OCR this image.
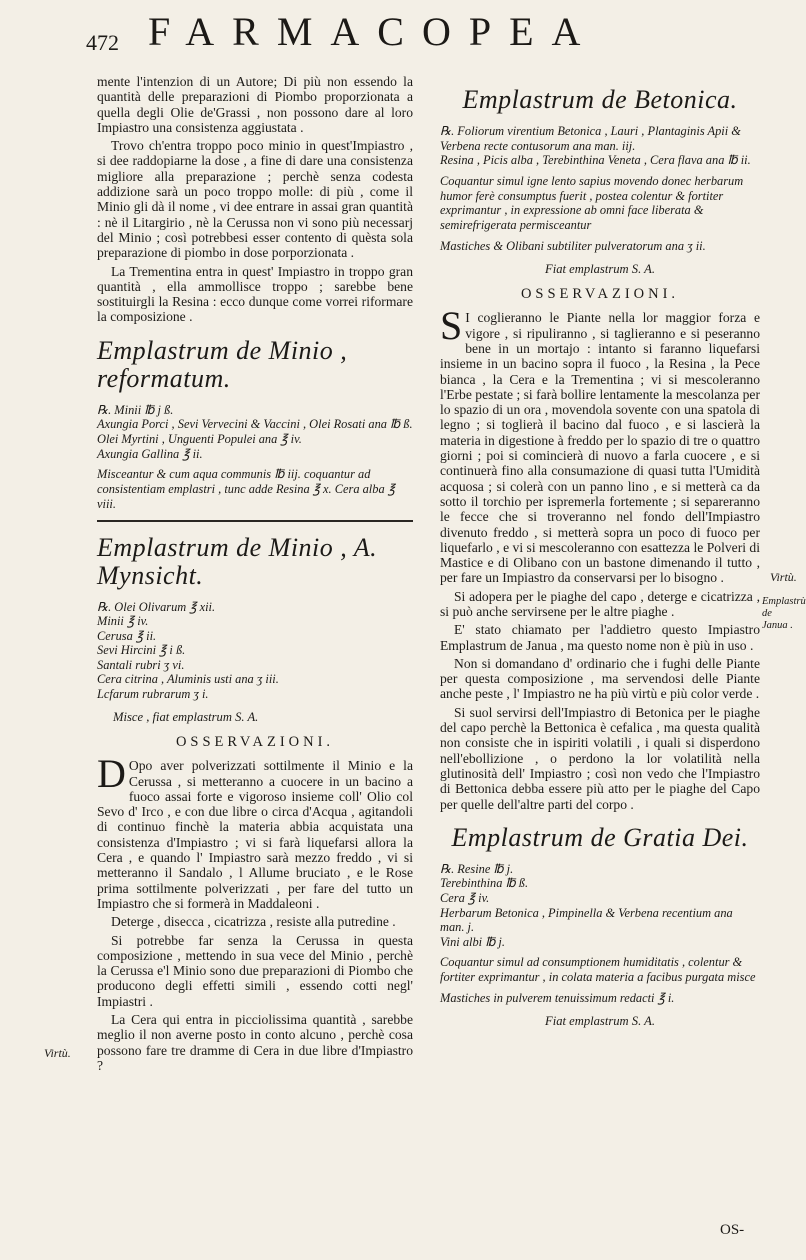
472 FARMACOPEA

mente l'intenzion di un Autore; Di più non essendo la quantità delle preparazioni di Piombo proporzionata a quella degli Olie de'Grassi , non possono dare al loro Impiastro una consistenza aggiustata .

Trovo ch'entra troppo poco minio in quest'Impiastro , si dee raddopiarne la dose , a fine di dare una consistenza migliore alla preparazione ; perchè senza codesta addizione sarà un poco troppo molle: di più , come il Minio gli dà il nome , vi dee entrare in assai gran quantità : nè il Litargirio , nè la Cerussa non vi sono più necessarj del Minio ; così potrebbesi esser contento di quèsta sola preparazione di piombo in dose porporzionata .

La Trementina entra in quest' Impiastro in troppo gran quantità , ella ammollisce troppo ; sarebbe bene sostituirgli la Resina : ecco dunque come vorrei riformare la composizione .

Emplastrum de Minio , reformatum.
℞. Minii ℔ j ß.
Axungia Porci , Sevi Vervecini & Vaccini , Olei Rosati ana ℔ ß.
Olei Myrtini , Unguenti Populei ana ℥ iv.
Axungia Gallina ℥ ii.
Misceantur & cum aqua communis ℔ iij. coquantur ad consistentiam emplastri , tunc adde Resina ℥ x. Cera alba ℥ viii.
Emplastrum de Minio , A. Mynsicht.
℞. Olei Olivarum ℥ xii.
Minii ℥ iv.
Cerusa ℥ ii.
Sevi Hircini ℥ i ß.
Santali rubri ʒ vi.
Cera citrina , Aluminis usti ana ʒ iii.
Lcfarum rubrarum ʒ i.
Misce , fiat emplastrum S. A.
OSSERVAZIONI.

DOpo aver polverizzati sottilmente il Minio e la Cerussa , si metteranno a cuocere in un bacino a fuoco assai forte e vigoroso insieme coll' Olio col Sevo d' Irco , e con due libre o circa d'Acqua , agitandoli di continuo finchè la materia abbia acquistata una consistenza d'Impiastro ; vi si farà liquefarsi allora la Cera , e quando l' Impiastro sarà mezzo freddo , vi si metteranno il Sandalo , l Allume bruciato , e le Rose prima sottilmente polverizzati , per fare del tutto un Impiastro che si formerà in Maddaleoni .

Deterge , disecca , cicatrizza , resiste alla putredine .

Si potrebbe far senza la Cerussa in questa composizione , mettendo in sua vece del Minio , perchè la Cerussa e'l Minio sono due preparazioni di Piombo che producono degli effetti simili , essendo cotti negl' Impiastri .

La Cera qui entra in picciolissima quantità , sarebbe meglio il non averne posto in conto alcuno , perchè cosa possono fare tre dramme di Cera in due libre d'Impiastro ?

Virtù.
Emplastrum de Betonica.
℞. Foliorum virentium Betonica , Lauri , Plantaginis Apii & Verbena recte contusorum ana man. iij.
Resina , Picis alba , Terebinthina Veneta , Cera flava ana ℔ ii.
Coquantur simul igne lento sapius movendo donec herbarum humor ferè consumptus fuerit , postea colentur & fortiter exprimantur , in expressione ab omni face liberata & semirefrigerata permisceantur
Mastiches & Olibani subtiliter pulveratorum ana ʒ ii.
Fiat emplastrum S. A.
OSSERVAZIONI.

SI coglieranno le Piante nella lor maggior forza e vigore , si ripuliranno , si taglieranno e si peseranno bene in un mortajo : intanto si faranno liquefarsi insieme in un bacino sopra il fuoco , la Resina , la Pece bianca , la Cera e la Trementina ; vi si mescoleranno l'Erbe pestate ; si farà bollire lentamente la mescolanza per lo spazio di un ora , movendola sovente con una spatola di legno ; si toglierà il bacino dal fuoco , e si lascierà la materia in digestione à freddo per lo spazio di tre o quattro giorni ; poi si comincierà di nuovo a farla cuocere , e si continuerà fino alla consumazione di quasi tutta l'Umidità acquosa ; si colerà con un panno lino , e si metterà ca da sotto il torchio per ispremerla fortemente ; si separeranno le fecce che si troveranno nel fondo dell'Impiastro divenuto freddo , si metterà sopra un poco di fuoco per liquefarlo , e vi si mescoleranno con esattezza le Polveri di Mastice e di Olibano con un bastone dimenando il tutto , per fare un Impiastro da conservarsi per lo bisogno .

Si adopera per le piaghe del capo , deterge e cicatrizza , si può anche servirsene per le altre piaghe .

E' stato chiamato per l'addietro questo Impiastro Emplastrum de Janua , ma questo nome non è più in uso .

Non si domandano d' ordinario che i fughi delle Piante per questa composizione , ma servendosi delle Piante anche peste , l' Impiastro ne ha più virtù e più color verde .

Si suol servirsi dell'Impiastro di Betonica per le piaghe del capo perchè la Bettonica è cefalica , ma questa qualità non consiste che in ispiriti volatili , i quali si disperdono nell'ebollizione , o perdono la lor volatilità nella glutinosità dell' Impiastro ; così non vedo che l'Impiastro di Bettonica debba essere più atto per le piaghe del Capo per quelle dell'altre parti del corpo .

Emplastrum de Gratia Dei.
℞. Resine ℔ j.
Terebinthina ℔ ß.
Cera ℥ iv.
Herbarum Betonica , Pimpinella & Verbena recentium ana man. j.
Vini albi ℔ j.
Coquantur simul ad consumptionem humiditatis , colentur & fortiter exprimantur , in colata materia a facibus purgata misce
Mastiches in pulverem tenuissimum redacti ℥ i.
Fiat emplastrum S. A.
Virtù.
Emplastrù de Janua .
OS-
